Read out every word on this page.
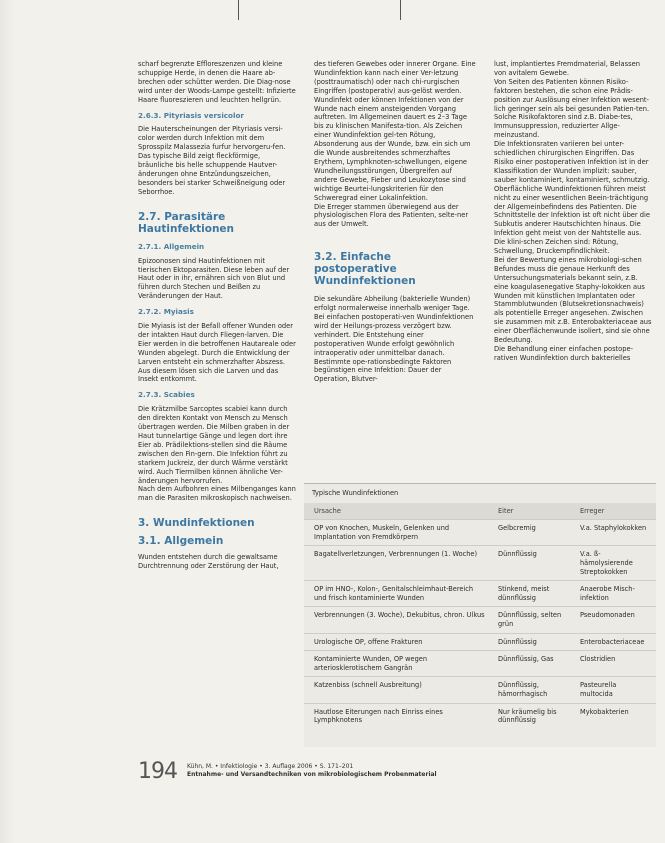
scharf begrenzte Effloreszenzen und kleine schuppige Herde, in denen die Haare ab-brechen oder schütter werden. Die Diag-nose wird unter der Woods-Lampe gestellt: Infizierte Haare fluoreszieren und leuchten hellgrün.

2.6.3. Pityriasis versicolor

Die Hauterscheinungen der Pityriasis versi-color werden durch Infektion mit dem Sprosspilz Malassezia furfur hervorgeru-fen. Das typische Bild zeigt fleckförmige, bräunliche bis helle schuppende Hautver-änderungen ohne Entzündungszeichen, besonders bei starker Schweißneigung oder Seborrhoe.

2.7. Parasitäre Hautinfektionen
2.7.1. Allgemein

Epizoonosen sind Hautinfektionen mit tierischen Ektoparasiten. Diese leben auf der Haut oder in ihr, ernähren sich von Blut und führen durch Stechen und Beißen zu Veränderungen der Haut.

2.7.2. Myiasis

Die Myiasis ist der Befall offener Wunden oder der intakten Haut durch Fliegen-larven. Die Eier werden in die betroffenen Hautareale oder Wunden abgelegt. Durch die Entwicklung der Larven entsteht ein schmerzhafter Abszess. Aus diesem lösen sich die Larven und das Insekt entkommt.

2.7.3. Scabies

Die Krätzmilbe Sarcoptes scabiei kann durch den direkten Kontakt von Mensch zu Mensch übertragen werden. Die Milben graben in der Haut tunnelartige Gänge und legen dort ihre Eier ab. Prädilektions-stellen sind die Räume zwischen den Fin-gern. Die Infektion führt zu starkem Juckreiz, der durch Wärme verstärkt wird. Auch Tiermilben können ähnliche Ver-änderungen hervorrufen.

Nach dem Aufbohren eines Milbenganges kann man die Parasiten mikroskopisch nachweisen.

3. Wundinfektionen
3.1. Allgemein

Wunden entstehen durch die gewaltsame Durchtrennung oder Zerstörung der Haut,

des tieferen Gewebes oder innerer Organe. Eine Wundinfektion kann nach einer Ver-letzung (posttraumatisch) oder nach chi-rurgischen Eingriffen (postoperativ) aus-gelöst werden.

Wundinfekt oder können Infektionen von der Wunde nach einem ansteigenden Vorgang auftreten. Im Allgemeinen dauert es 2–3 Tage bis zu klinischen Manifesta-tion. Als Zeichen einer Wundinfektion gel-ten Rötung, Absonderung aus der Wunde, bzw. ein sich um die Wunde ausbreitendes schmerzhaftes Erythem, Lymphknoten-schwellungen, eigene Wundheilungsstörungen, Übergreifen auf andere Gewebe, Fieber und Leukozytose sind wichtige Beurtei-lungskriterien für den Schweregrad einer Lokalinfektion.

Die Erreger stammen überwiegend aus der physiologischen Flora des Patienten, selte-ner aus der Umwelt.

3.2. Einfache postoperative Wundinfektionen

Die sekundäre Abheilung (bakterielle Wunden) erfolgt normalerweise innerhalb weniger Tage. Bei einfachen postoperati-ven Wundinfektionen wird der Heilungs-prozess verzögert bzw. verhindert. Die Entstehung einer postoperativen Wunde erfolgt gewöhnlich intraoperativ oder unmittelbar danach. Bestimmte ope-rationsbedingte Faktoren begünstigen eine Infektion: Dauer der Operation, Blutver-

lust, implantiertes Fremdmaterial, Belassen von avitalem Gewebe.

Von Seiten des Patienten können Risiko-faktoren bestehen, die schon eine Prädis-position zur Auslösung einer Infektion wesent-lich geringer sein als bei gesunden Patien-ten. Solche Risikofaktoren sind z.B. Diabe-tes, Immunsuppression, reduzierter Allge-meinzustand.

Die Infektionsraten variieren bei unter-schiedlichen chirurgischen Eingriffen. Das Risiko einer postoperativen Infektion ist in der Klassifikation der Wunden implizit: sauber, sauber kontaminiert, kontaminiert, schmutzig.

Oberflächliche Wundinfektionen führen meist nicht zu einer wesentlichen Beein-trächtigung der Allgemeinbefindens des Patienten. Die Schnittstelle der Infektion ist oft nicht über die Subkutis anderer Hautschichten hinaus. Die Infektion geht meist von der Nahtstelle aus. Die klini-schen Zeichen sind: Rötung, Schwellung, Druckempfindlichkeit.

Bei der Bewertung eines mikrobiologi-schen Befundes muss die genaue Herkunft des Untersuchungsmaterials bekannt sein, z.B. eine koagulasenegative Staphy-lokokken aus Wunden mit künstlichen Implantaten oder Stammblutwunden (Blutsekretionsnachweis) als potentielle Erreger angesehen. Zwischen sie zusammen mit z.B. Enterobakteriaceae aus einer Oberflächenwunde isoliert, sind sie ohne Bedeutung.

Die Behandlung einer einfachen postope-rativen Wundinfektion durch bakterielles

Typische Wundinfektionen
Ursache	Eiter	Erreger
OP von Knochen, Muskeln, Gelenken und Implantation von Fremdkörpern	Gelbcremig	V.a. Staphylokokken
Bagatellverletzungen, Verbrennungen (1. Woche)	Dünnflüssig	V.a. ß-hämolysierende Streptokokken
OP im HNO-, Kolon-, Genitalschleimhaut-Bereich und frisch kontaminierte Wunden	Stinkend, meist dünnflüssig	Anaerobe Misch-infektion
Verbrennungen (3. Woche), Dekubitus, chron. Ulkus	Dünnflüssig, selten grün	Pseudomonaden
Urologische OP, offene Frakturen	Dünnflüssig	Enterobacteriaceae
Kontaminierte Wunden, OP wegen arteriosklerotischem Gangrän	Dünnflüssig, Gas	Clostridien
Katzenbiss (schnell Ausbreitung)	Dünnflüssig, hämorrhagisch	Pasteurella multocida
Hautlose Eiterungen nach Einriss eines Lymphknotens	Nur kräumelig bis dünnflüssig	Mykobakterien
194 Kühn, M. • Infektiologie • 3. Auflage 2006 • S. 171–201
Entnahme- und Versandtechniken von mikrobiologischem Probenmaterial
